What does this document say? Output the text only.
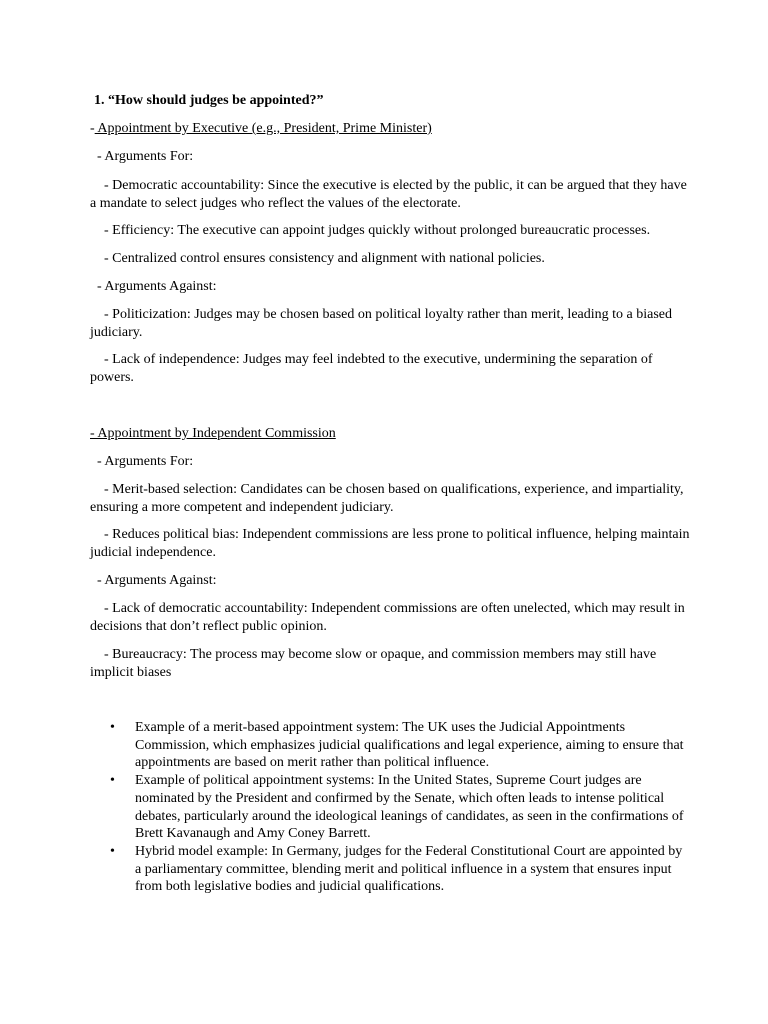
1. “How should judges be appointed?”

- Appointment by Executive (e.g., President, Prime Minister)

- Arguments For:

- Democratic accountability: Since the executive is elected by the public, it can be argued that they have a mandate to select judges who reflect the values of the electorate.

- Efficiency: The executive can appoint judges quickly without prolonged bureaucratic processes.

- Centralized control ensures consistency and alignment with national policies.

- Arguments Against:

- Politicization: Judges may be chosen based on political loyalty rather than merit, leading to a biased judiciary.

- Lack of independence: Judges may feel indebted to the executive, undermining the separation of powers.

- Appointment by Independent Commission

- Arguments For:

- Merit-based selection: Candidates can be chosen based on qualifications, experience, and impartiality, ensuring a more competent and independent judiciary.

- Reduces political bias: Independent commissions are less prone to political influence, helping maintain judicial independence.

- Arguments Against:

- Lack of democratic accountability: Independent commissions are often unelected, which may result in decisions that don’t reflect public opinion.

- Bureaucracy: The process may become slow or opaque, and commission members may still have implicit biases

• Example of a merit-based appointment system: The UK uses the Judicial Appointments Commission, which emphasizes judicial qualifications and legal experience, aiming to ensure that appointments are based on merit rather than political influence.
• Example of political appointment systems: In the United States, Supreme Court judges are nominated by the President and confirmed by the Senate, which often leads to intense political debates, particularly around the ideological leanings of candidates, as seen in the confirmations of Brett Kavanaugh and Amy Coney Barrett.
• Hybrid model example: In Germany, judges for the Federal Constitutional Court are appointed by a parliamentary committee, blending merit and political influence in a system that ensures input from both legislative bodies and judicial qualifications.
